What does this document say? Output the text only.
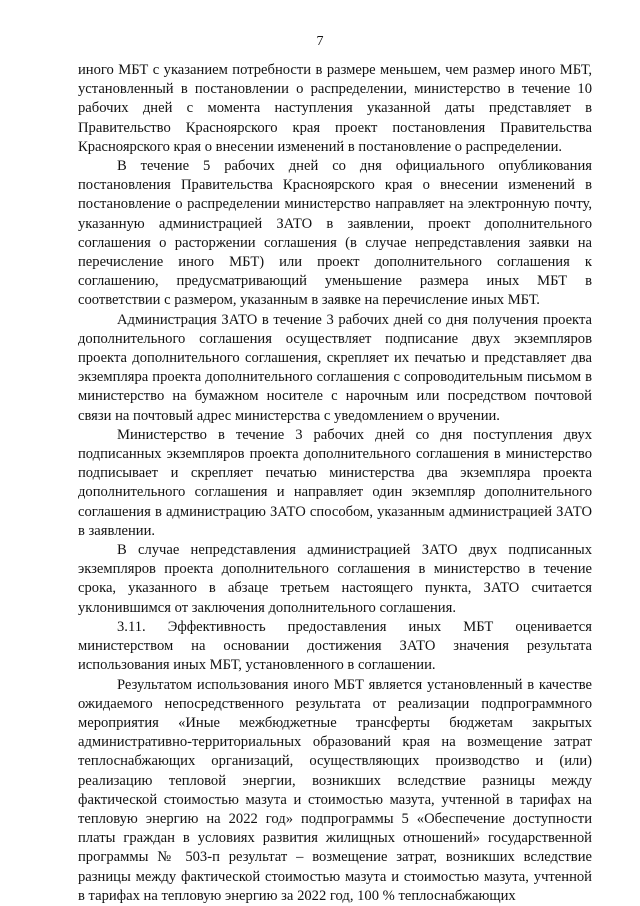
7

иного МБТ с указанием потребности в размере меньшем, чем размер иного МБТ, установленный в постановлении о распределении, министерство в течение 10 рабочих дней с момента наступления указанной даты представляет в Правительство Красноярского края проект постановления Правительства Красноярского края о внесении изменений в постановление о распределении.

В течение 5 рабочих дней со дня официального опубликования постановления Правительства Красноярского края о внесении изменений в постановление о распределении министерство направляет на электронную почту, указанную администрацией ЗАТО в заявлении, проект дополнительного соглашения о расторжении соглашения (в случае непредставления заявки на перечисление иного МБТ) или проект дополнительного соглашения к соглашению, предусматривающий уменьшение размера иных МБТ в соответствии с размером, указанным в заявке на перечисление иных МБТ.

Администрация ЗАТО в течение 3 рабочих дней со дня получения проекта дополнительного соглашения осуществляет подписание двух экземпляров проекта дополнительного соглашения, скрепляет их печатью и представляет два экземпляра проекта дополнительного соглашения с сопроводительным письмом в министерство на бумажном носителе с нарочным или посредством почтовой связи на почтовый адрес министерства с уведомлением о вручении.

Министерство в течение 3 рабочих дней со дня поступления двух подписанных экземпляров проекта дополнительного соглашения в министерство подписывает и скрепляет печатью министерства два экземпляра проекта дополнительного соглашения и направляет один экземпляр дополнительного соглашения в администрацию ЗАТО способом, указанным администрацией ЗАТО в заявлении.

В случае непредставления администрацией ЗАТО двух подписанных экземпляров проекта дополнительного соглашения в министерство в течение срока, указанного в абзаце третьем настоящего пункта, ЗАТО считается уклонившимся от заключения дополнительного соглашения.

3.11. Эффективность предоставления иных МБТ оценивается министерством на основании достижения ЗАТО значения результата использования иных МБТ, установленного в соглашении.

Результатом использования иного МБТ является установленный в качестве ожидаемого непосредственного результата от реализации подпрограммного мероприятия «Иные межбюджетные трансферты бюджетам закрытых административно-территориальных образований края на возмещение затрат теплоснабжающих организаций, осуществляющих производство и (или) реализацию тепловой энергии, возникших вследствие разницы между фактической стоимостью мазута и стоимостью мазута, учтенной в тарифах на тепловую энергию на 2022 год» подпрограммы 5 «Обеспечение доступности платы граждан в условиях развития жилищных отношений» государственной программы № 503-п результат – возмещение затрат, возникших вследствие разницы между фактической стоимостью мазута и стоимостью мазута, учтенной в тарифах на тепловую энергию за 2022 год, 100 % теплоснабжающих
